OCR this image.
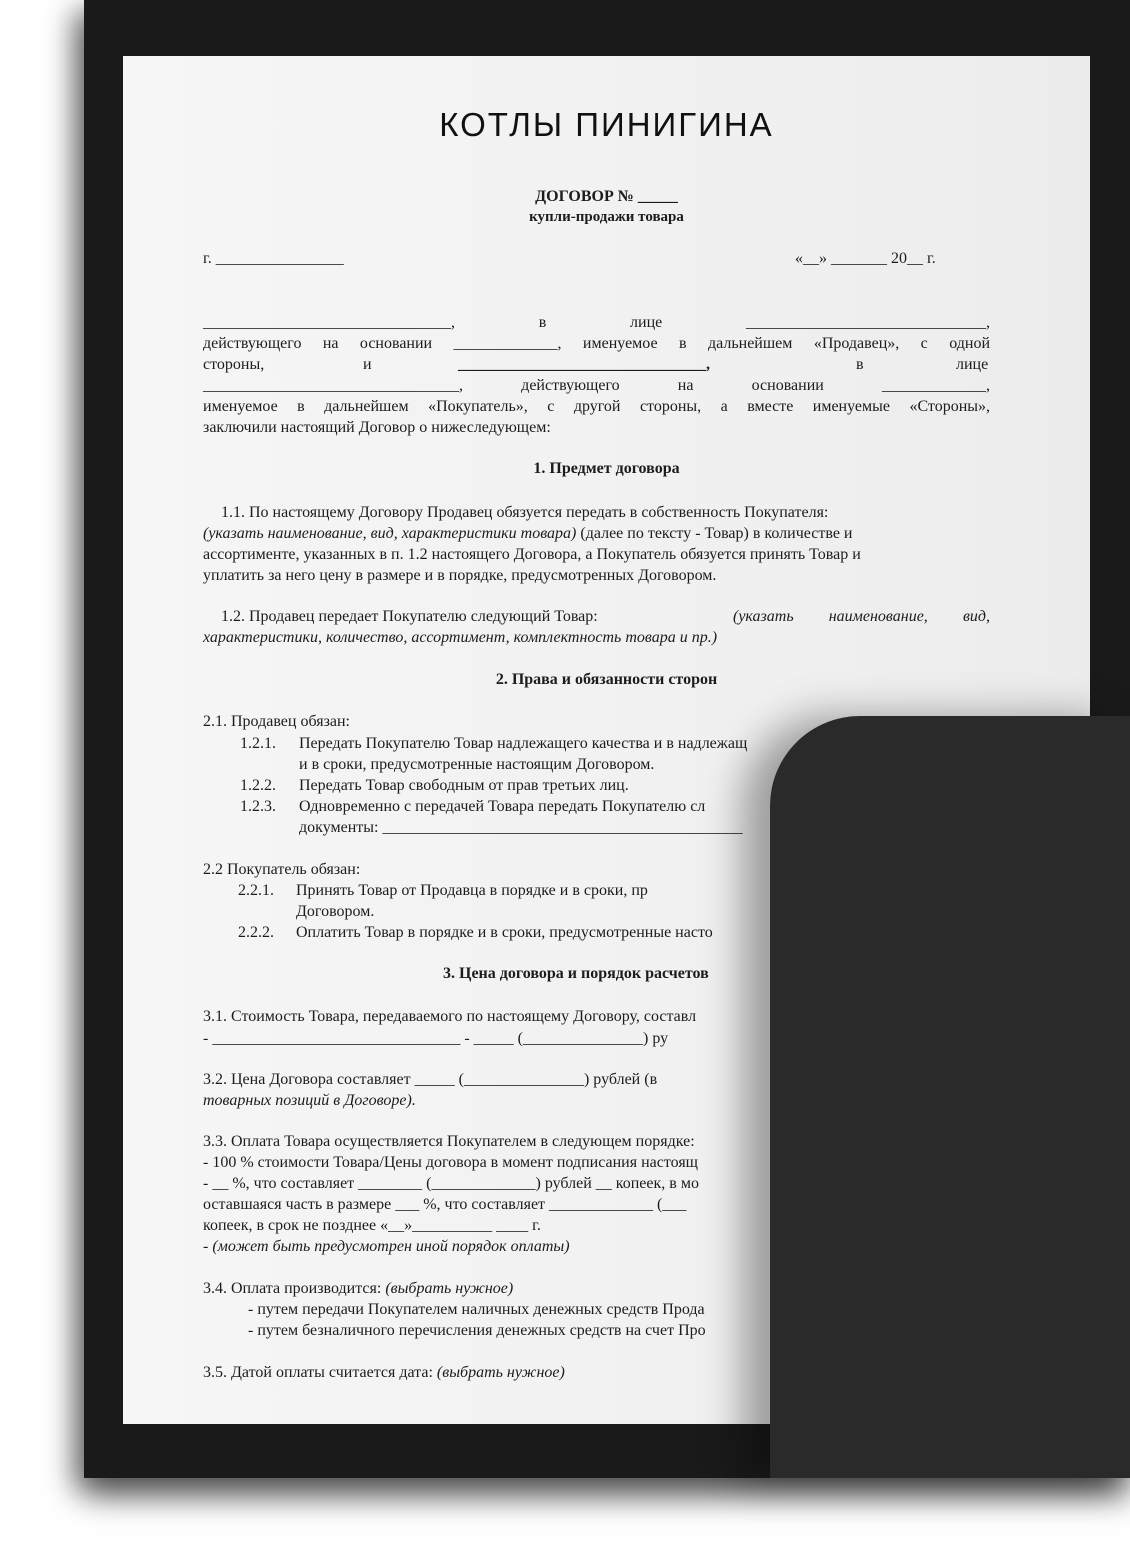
КОТЛЫ ПИНИГИНА
ДОГОВОР № _____
купли-продажи товара
г. ________________	«__» _______ 20__ г.
_______________________________, в лице ______________________________,
действующего на основании _____________, именуемое в дальнейшем «Продавец», с одной
стороны,	и	_______________________________,	в	лице
________________________________, действующего на основании _____________,
именуемое в дальнейшем «Покупатель», с другой стороны, а вместе именуемые «Стороны»,
заключили настоящий Договор о нижеследующем:
1. Предмет договора
1.1. По настоящему Договору Продавец обязуется передать в собственность Покупателя:
(указать наименование, вид, характеристики товара) (далее по тексту - Товар) в количестве и
ассортименте, указанных в п. 1.2 настоящего Договора, а Покупатель обязуется принять Товар и
уплатить за него цену в размере и в порядке, предусмотренных Договором.
1.2. Продавец передает Покупателю следующий Товар:	(указать наименование, вид,
характеристики, количество, ассортимент, комплектность товара и пр.)
2. Права и обязанности сторон
2.1. Продавец обязан:
1.2.1. Передать Покупателю Товар надлежащего качества и в надлежащ
и в сроки, предусмотренные настоящим Договором.
1.2.2. Передать Товар свободным от прав третьих лиц.
1.2.3. Одновременно с передачей Товара передать Покупателю сл
документы: _____________________________________________
2.2 Покупатель обязан:
2.2.1. Принять Товар от Продавца в порядке и в сроки, пр
Договором.
2.2.2. Оплатить Товар в порядке и в сроки, предусмотренные насто
3. Цена договора и порядок расчетов
3.1. Стоимость Товара, передаваемого по настоящему Договору, составл
- _______________________________ - _____ (_______________) ру
3.2. Цена Договора составляет _____ (_______________) рублей (в
товарных позиций в Договоре).
3.3. Оплата Товара осуществляется Покупателем в следующем порядке:
- 100 % стоимости Товара/Цены договора в момент подписания настоящ
- __ %, что составляет ________ (_____________) рублей __ копеек, в мо
оставшаяся часть в размере ___ %, что составляет _____________ (___
копеек, в срок не позднее «__»__________ ____ г.
- (может быть предусмотрен иной порядок оплаты)
3.4. Оплата производится: (выбрать нужное)
- путем передачи Покупателем наличных денежных средств Прода
- путем безналичного перечисления денежных средств на счет Про
3.5. Датой оплаты считается дата: (выбрать нужное)
